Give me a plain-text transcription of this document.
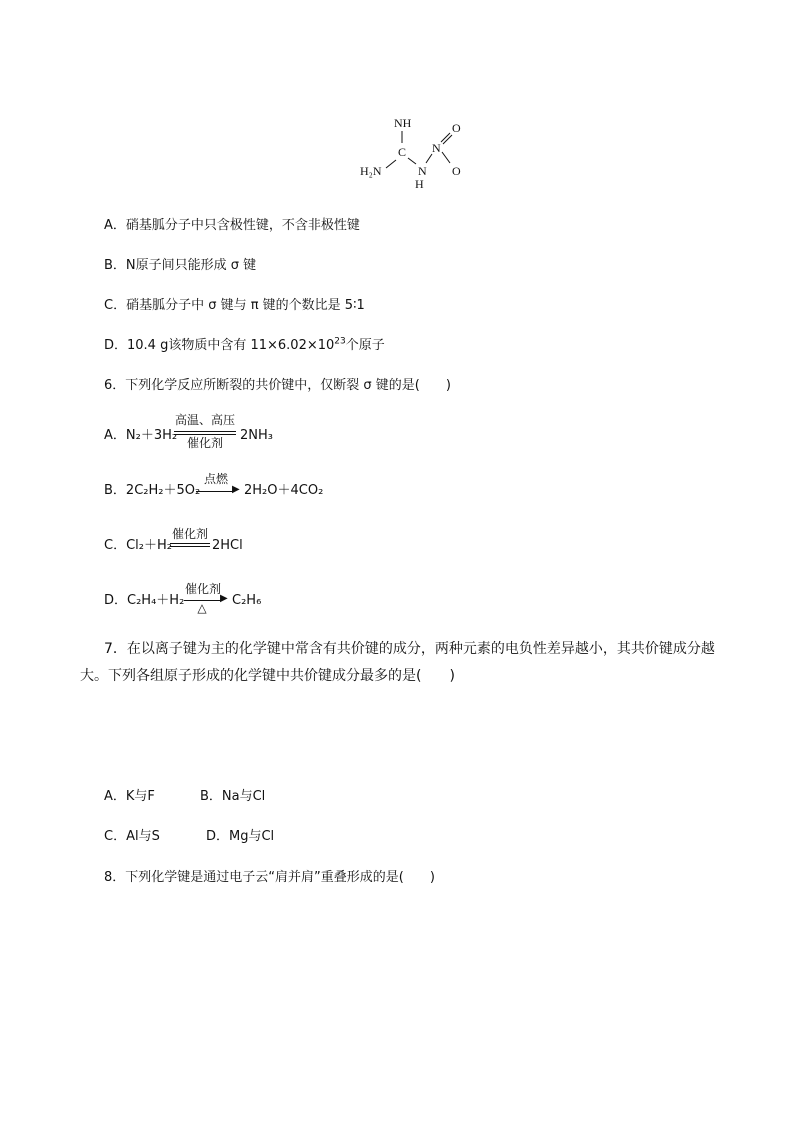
NH
C
H₂N	N
H
N
O
O
A．硝基胍分子中只含极性键，不含非极性键
B．N原子间只能形成 σ 键
C．硝基胍分子中 σ 键与 π 键的个数比是 5∶1
D．10.4 g该物质中含有 $11\times 6.02\times 10^{23}$个原子
6．下列化学反应所断裂的共价键中，仅断裂 σ 键的是(　　)
A．N₂＋3H₂
高温、高压
催化剂	2NH₃
B．2C₂H₂＋5O₂
点燃
▶ 2H₂O＋4CO₂
C．Cl₂＋H₂
催化剂
2HCl
D．C₂H₄＋H₂
催化剂
▶
△	C₂H₆
7．在以离子键为主的化学键中常含有共价键的成分，两种元素的电负性差异越小，其共价键成分越
大。下列各组原子形成的化学键中共价键成分最多的是(　　)
A．K与F	B．Na与Cl
C．Al与S	D．Mg与Cl
8．下列化学键是通过电子云“肩并肩”重叠形成的是(　　)
